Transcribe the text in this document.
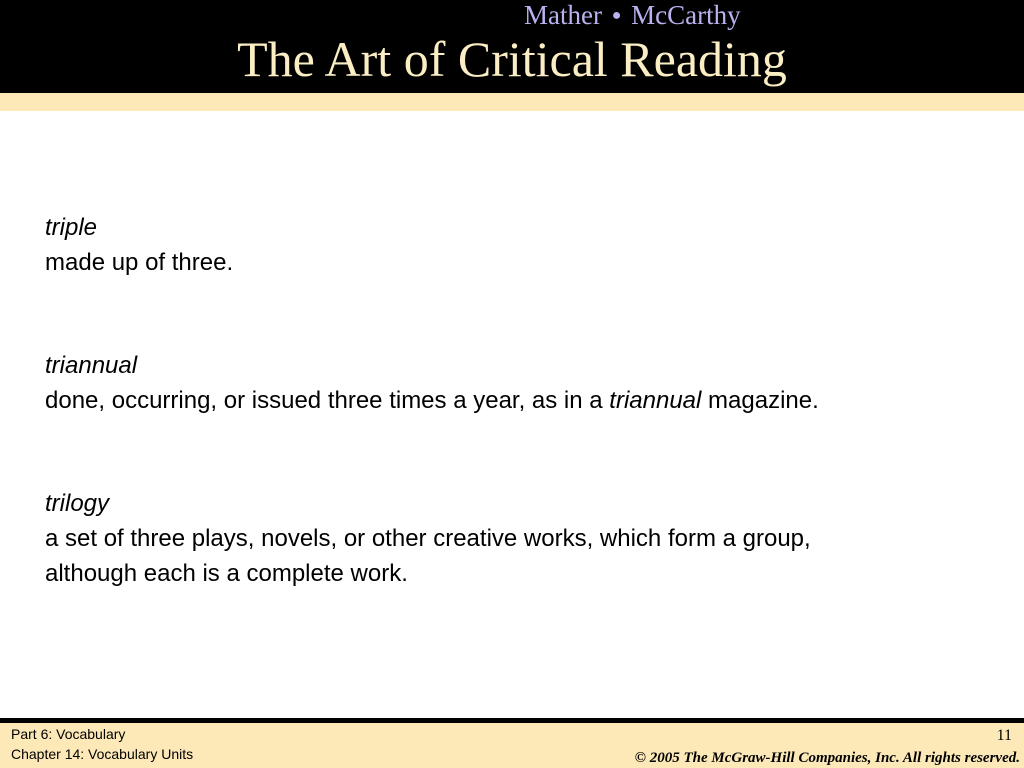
Mather ● McCarthy
The Art of Critical Reading
triple
made up of three.
triannual
done, occurring, or issued three times a year, as in a triannual magazine.
trilogy
a set of three plays, novels, or other creative works, which form a group,
although each is a complete work.
Part 6: Vocabulary
Chapter 14: Vocabulary Units
11
© 2005 The McGraw-Hill Companies, Inc. All rights reserved.
